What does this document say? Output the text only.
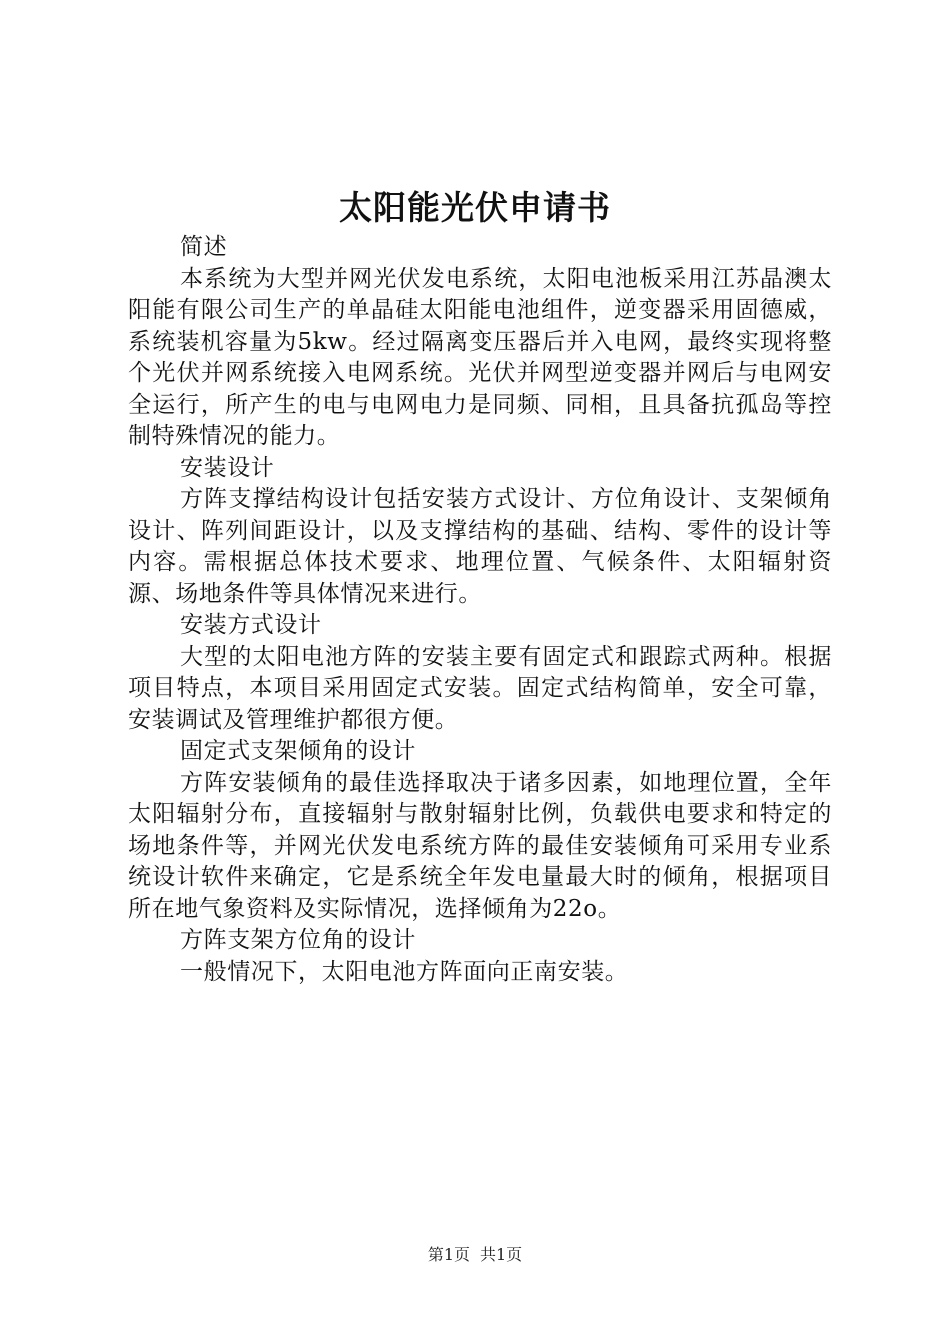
太阳能光伏申请书

简述

本系统为大型并网光伏发电系统，太阳电池板采用江苏晶澳太阳能有限公司生产的单晶硅太阳能电池组件，逆变器采用固德威，系统装机容量为5kw。经过隔离变压器后并入电网，最终实现将整个光伏并网系统接入电网系统。光伏并网型逆变器并网后与电网安全运行，所产生的电与电网电力是同频、同相，且具备抗孤岛等控制特殊情况的能力。

安装设计

方阵支撑结构设计包括安装方式设计、方位角设计、支架倾角设计、阵列间距设计，以及支撑结构的基础、结构、零件的设计等内容。需根据总体技术要求、地理位置、气候条件、太阳辐射资源、场地条件等具体情况来进行。

安装方式设计

大型的太阳电池方阵的安装主要有固定式和跟踪式两种。根据项目特点，本项目采用固定式安装。固定式结构简单，安全可靠，安装调试及管理维护都很方便。

固定式支架倾角的设计

方阵安装倾角的最佳选择取决于诸多因素，如地理位置，全年太阳辐射分布，直接辐射与散射辐射比例，负载供电要求和特定的场地条件等，并网光伏发电系统方阵的最佳安装倾角可采用专业系统设计软件来确定，它是系统全年发电量最大时的倾角，根据项目所在地气象资料及实际情况，选择倾角为22o。

方阵支架方位角的设计

一般情况下，太阳电池方阵面向正南安装。

第1页 共1页
